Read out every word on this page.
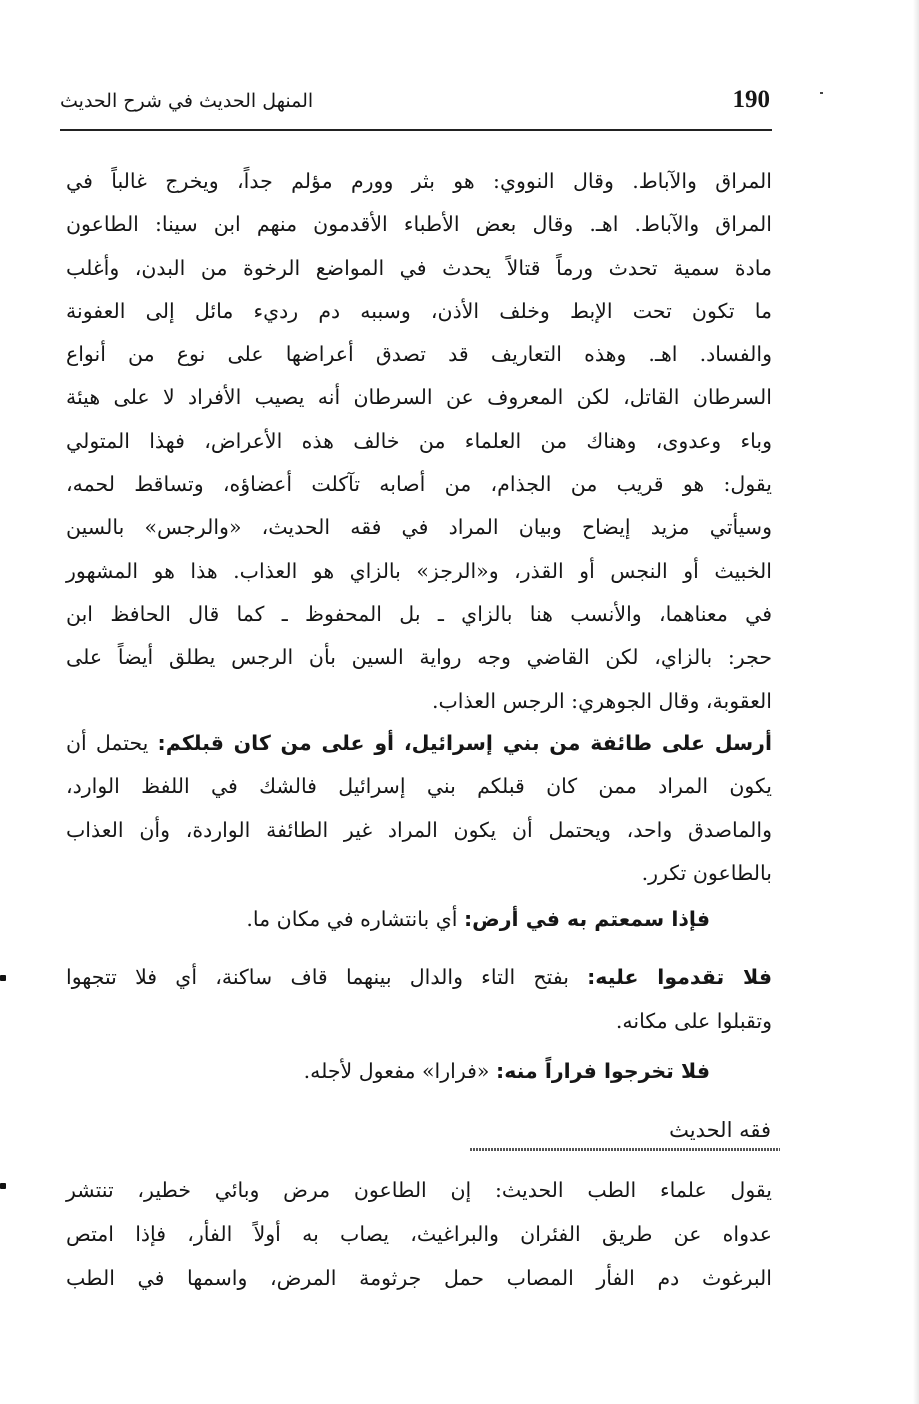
190
المنهل الحديث في شرح الحديث
المراق والآباط. وقال النووي: هو بثر وورم مؤلم جداً، ويخرج غالباً في
المراق والآباط. اهـ. وقال بعض الأطباء الأقدمون منهم ابن سينا: الطاعون
مادة سمية تحدث ورماً قتالاً يحدث في المواضع الرخوة من البدن، وأغلب
ما تكون تحت الإبط وخلف الأذن، وسببه دم رديء مائل إلى العفونة
والفساد. اهـ. وهذه التعاريف قد تصدق أعراضها على نوع من أنواع
السرطان القاتل، لكن المعروف عن السرطان أنه يصيب الأفراد لا على هيئة
وباء وعدوى، وهناك من العلماء من خالف هذه الأعراض، فهذا المتولي
يقول: هو قريب من الجذام، من أصابه تآكلت أعضاؤه، وتساقط لحمه،
وسيأتي مزيد إيضاح وبيان المراد في فقه الحديث، «والرجس» بالسين
الخبيث أو النجس أو القذر، و«الرجز» بالزاي هو العذاب. هذا هو المشهور
في معناهما، والأنسب هنا بالزاي ـ بل المحفوظ ـ كما قال الحافظ ابن
حجر: بالزاي، لكن القاضي وجه رواية السين بأن الرجس يطلق أيضاً على
العقوبة، وقال الجوهري: الرجس العذاب.
أرسل على طائفة من بني إسرائيل، أو على من كان قبلكم: يحتمل أن
يكون المراد ممن كان قبلكم بني إسرائيل فالشك في اللفظ الوارد،
والماصدق واحد، ويحتمل أن يكون المراد غير الطائفة الواردة، وأن العذاب
بالطاعون تكرر.
فإذا سمعتم به في أرض: أي بانتشاره في مكان ما.
فلا تقدموا عليه: بفتح التاء والدال بينهما قاف ساكنة، أي فلا تتجهوا
وتقبلوا على مكانه.
فلا تخرجوا فراراً منه: «فرارا» مفعول لأجله.
فقه الحديث
يقول علماء الطب الحديث: إن الطاعون مرض وبائي خطير، تنتشر
عدواه عن طريق الفئران والبراغيث، يصاب به أولاً الفأر، فإذا امتص
البرغوث دم الفأر المصاب حمل جرثومة المرض، واسمها في الطب
